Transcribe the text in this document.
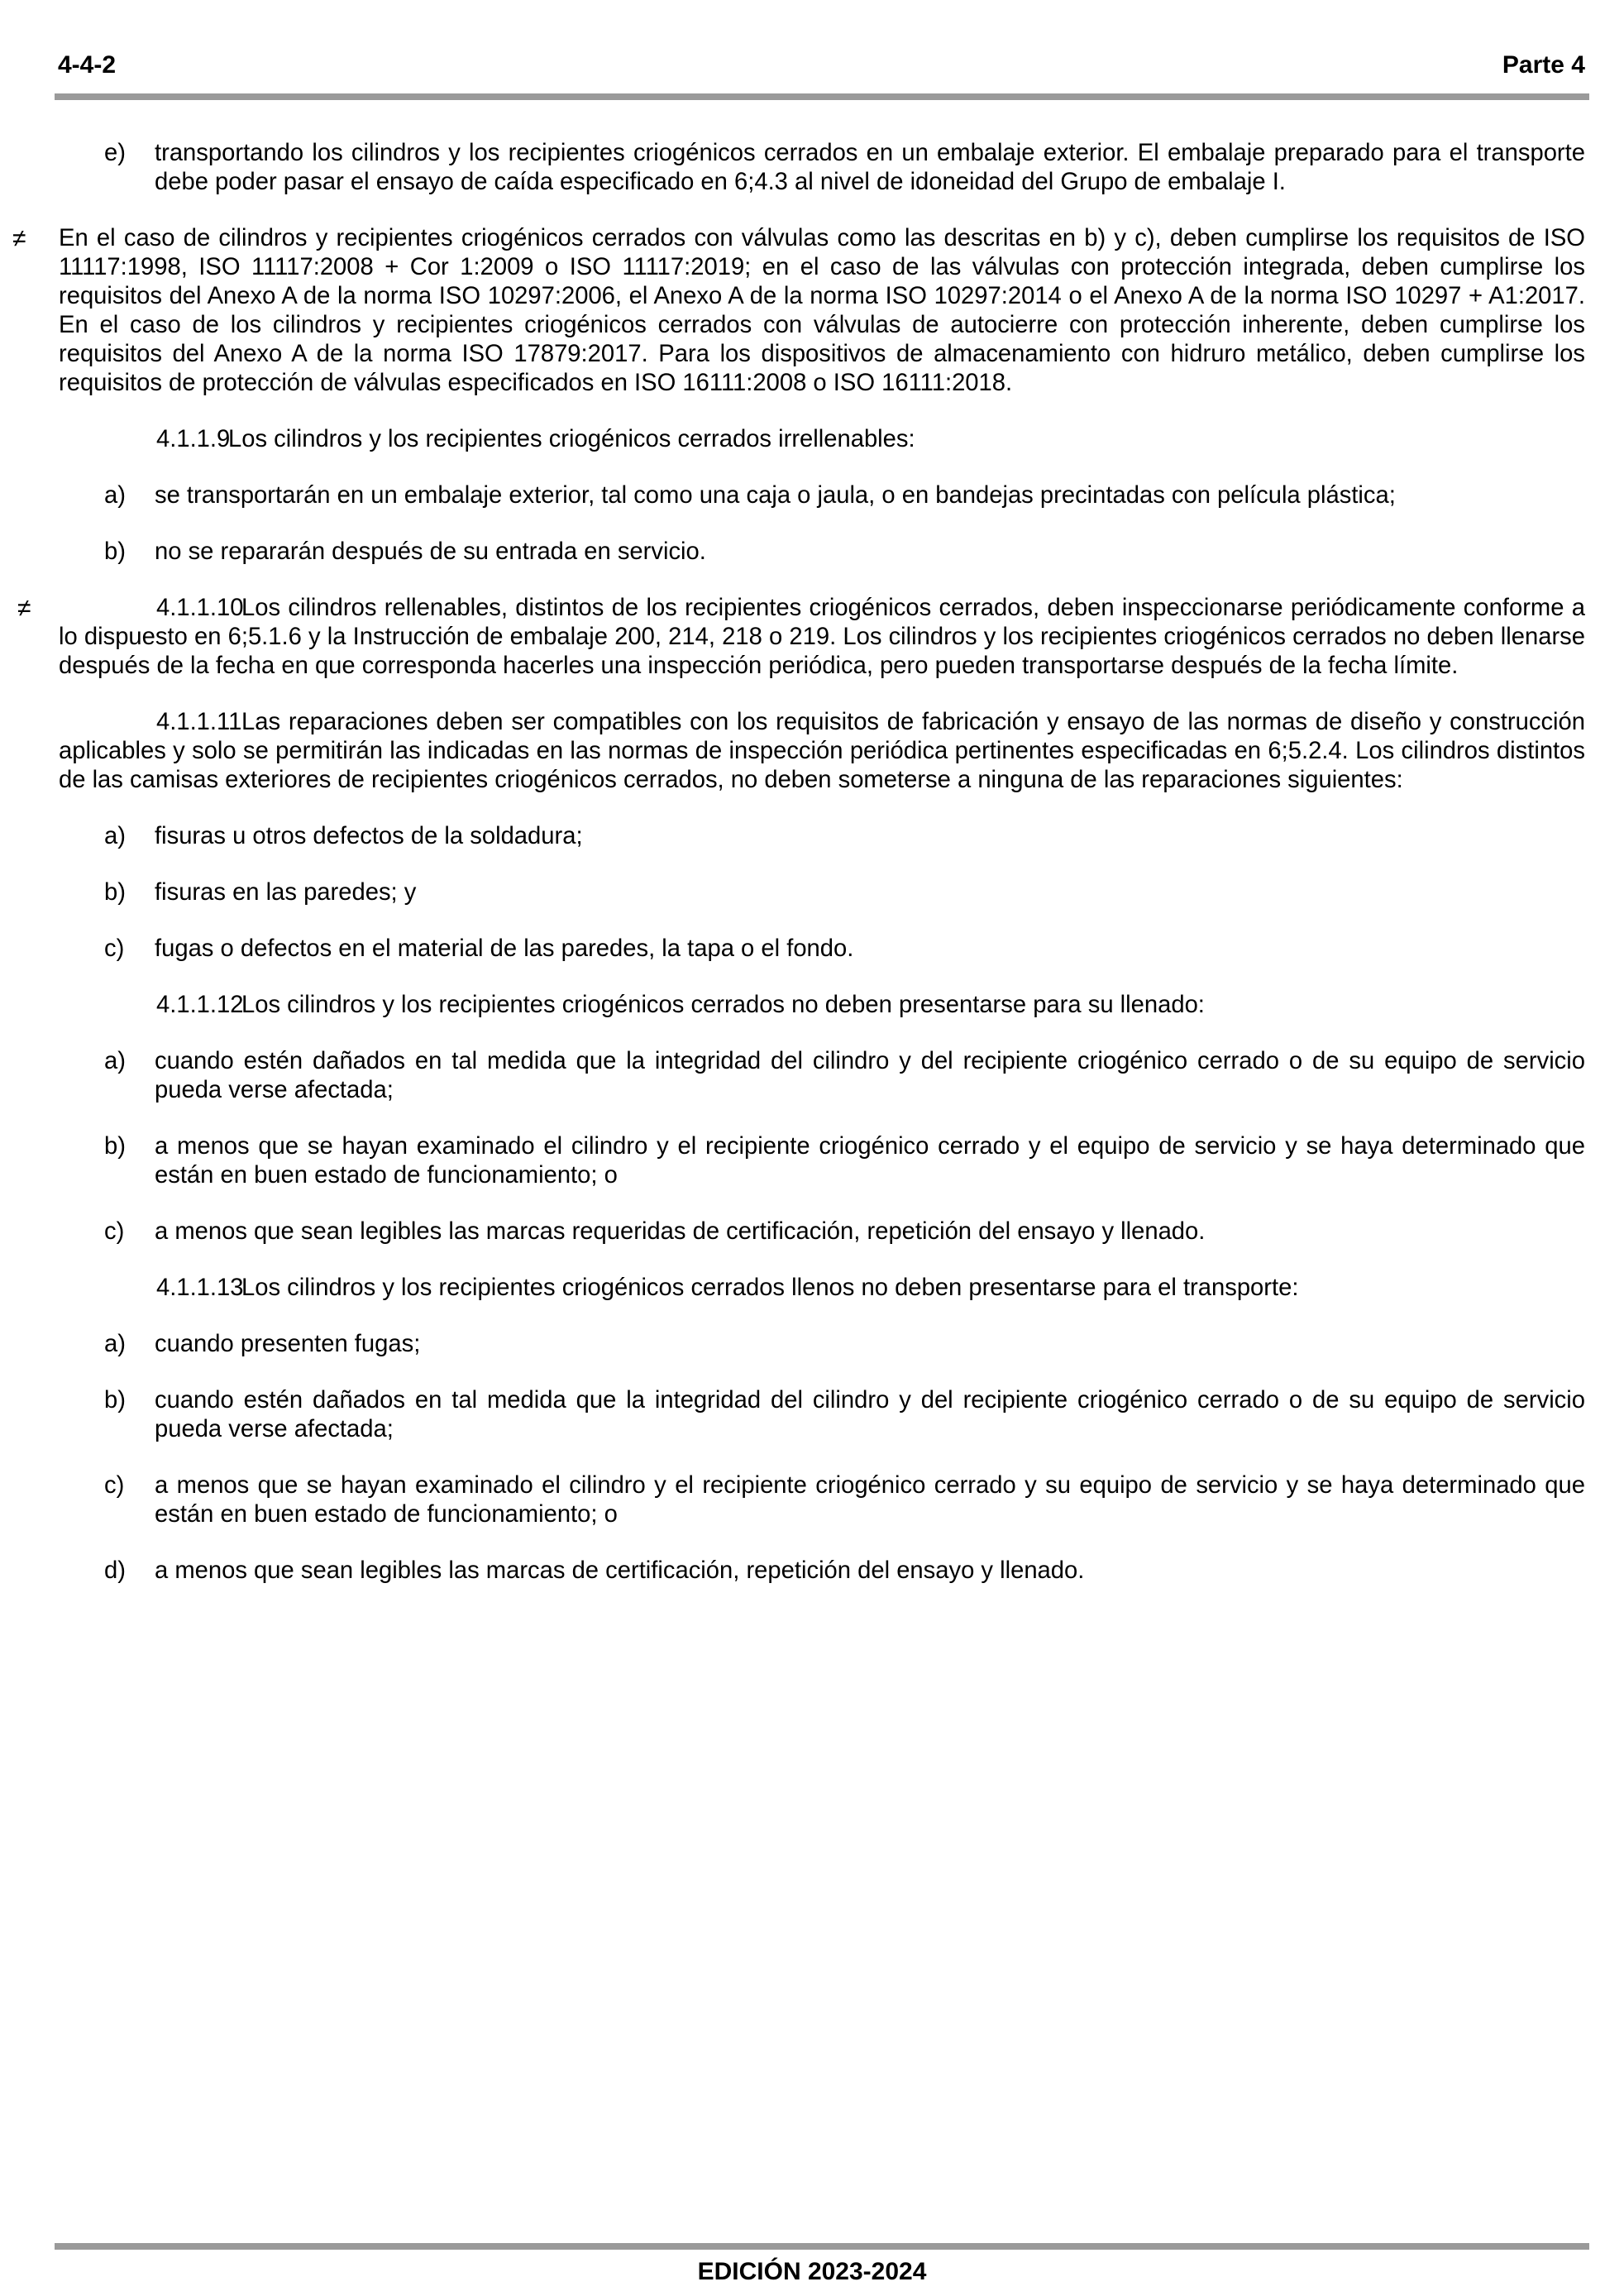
4-4-2	Parte 4
e) transportando los cilindros y los recipientes criogénicos cerrados en un embalaje exterior. El embalaje preparado para el transporte debe poder pasar el ensayo de caída especificado en 6;4.3 al nivel de idoneidad del Grupo de embalaje I.
≠ En el caso de cilindros y recipientes criogénicos cerrados con válvulas como las descritas en b) y c), deben cumplirse los requisitos de ISO 11117:1998, ISO 11117:2008 + Cor 1:2009 o ISO 11117:2019; en el caso de las válvulas con protección integrada, deben cumplirse los requisitos del Anexo A de la norma ISO 10297:2006, el Anexo A de la norma ISO 10297:2014 o el Anexo A de la norma ISO 10297 + A1:2017. En el caso de los cilindros y recipientes criogénicos cerrados con válvulas de autocierre con protección inherente, deben cumplirse los requisitos del Anexo A de la norma ISO 17879:2017. Para los dispositivos de almacenamiento con hidruro metálico, deben cumplirse los requisitos de protección de válvulas especificados en ISO 16111:2008 o ISO 16111:2018.
4.1.1.9Los cilindros y los recipientes criogénicos cerrados irrellenables:
a) se transportarán en un embalaje exterior, tal como una caja o jaula, o en bandejas precintadas con película plástica;
b) no se repararán después de su entrada en servicio.
≠	4.1.1.10Los cilindros rellenables, distintos de los recipientes criogénicos cerrados, deben inspeccionarse periódicamente conforme a lo dispuesto en 6;5.1.6 y la Instrucción de embalaje 200, 214, 218 o 219. Los cilindros y los recipientes criogénicos cerrados no deben llenarse después de la fecha en que corresponda hacerles una inspección periódica, pero pueden transportarse después de la fecha límite.
4.1.1.11Las reparaciones deben ser compatibles con los requisitos de fabricación y ensayo de las normas de diseño y construcción aplicables y solo se permitirán las indicadas en las normas de inspección periódica pertinentes especificadas en 6;5.2.4. Los cilindros distintos de las camisas exteriores de recipientes criogénicos cerrados, no deben someterse a ninguna de las reparaciones siguientes:
a) fisuras u otros defectos de la soldadura;
b) fisuras en las paredes; y
c) fugas o defectos en el material de las paredes, la tapa o el fondo.
4.1.1.12Los cilindros y los recipientes criogénicos cerrados no deben presentarse para su llenado:
a) cuando estén dañados en tal medida que la integridad del cilindro y del recipiente criogénico cerrado o de su equipo de servicio pueda verse afectada;
b) a menos que se hayan examinado el cilindro y el recipiente criogénico cerrado y el equipo de servicio y se haya determinado que están en buen estado de funcionamiento; o
c) a menos que sean legibles las marcas requeridas de certificación, repetición del ensayo y llenado.
4.1.1.13Los cilindros y los recipientes criogénicos cerrados llenos no deben presentarse para el transporte:
a) cuando presenten fugas;
b) cuando estén dañados en tal medida que la integridad del cilindro y del recipiente criogénico cerrado o de su equipo de servicio pueda verse afectada;
c) a menos que se hayan examinado el cilindro y el recipiente criogénico cerrado y su equipo de servicio y se haya determinado que están en buen estado de funcionamiento; o
d) a menos que sean legibles las marcas de certificación, repetición del ensayo y llenado.
EDICIÓN 2023-2024
